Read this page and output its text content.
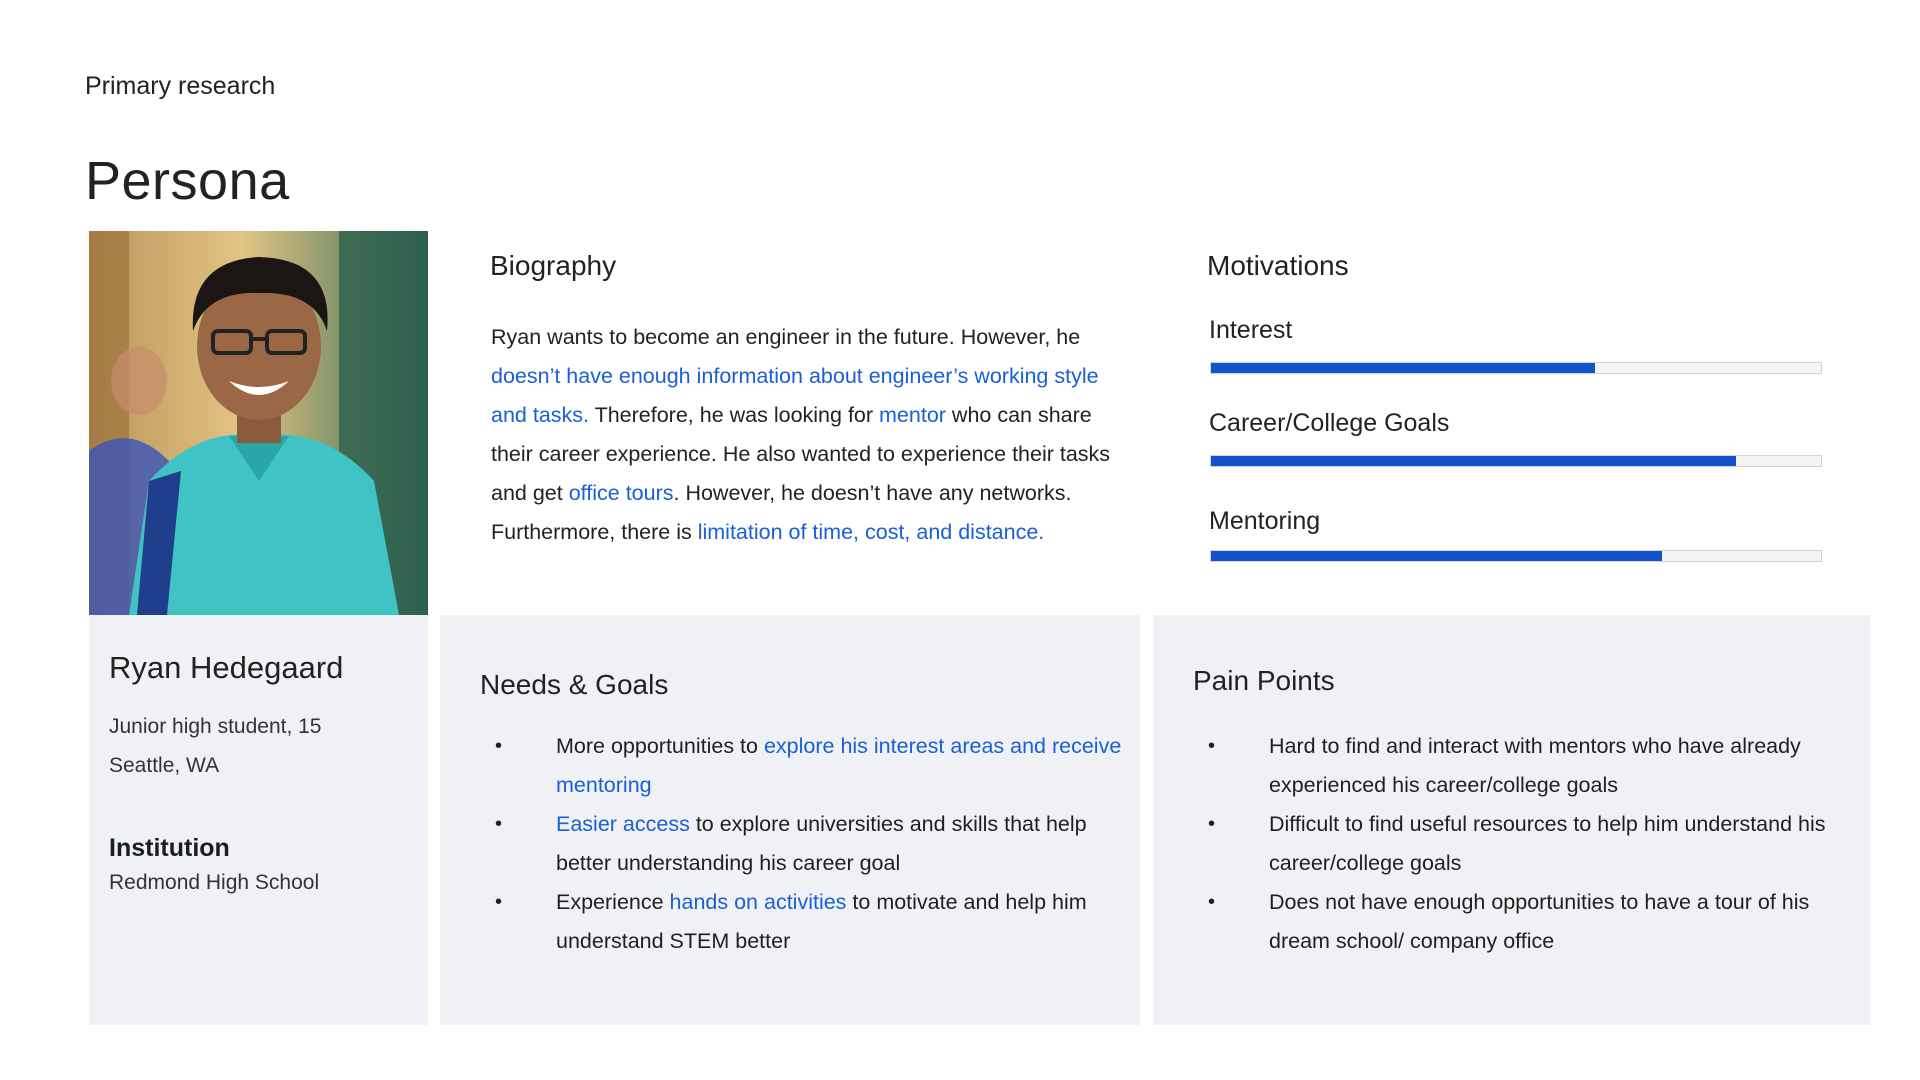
Primary research
Persona
Ryan Hedegaard
Junior high student, 15
Seattle, WA
Institution
Redmond High School
Biography
Ryan wants to become an engineer in the future. However, he doesn’t have enough information about engineer’s working style and tasks. Therefore, he was looking for mentor who can share their career experience. He also wanted to experience their tasks and get office tours. However, he doesn’t have any networks. Furthermore, there is limitation of time, cost, and distance.
Motivations
Interest
Career/College Goals
Mentoring
Needs & Goals
•	More opportunities to explore his interest areas and receive mentoring
•	Easier access to explore universities and skills that help better understanding his career goal
•	Experience hands on activities to motivate and help him understand STEM better
Pain Points
•	Hard to find and interact with mentors who have already experienced his career/college goals
•	Difficult to find useful resources to help him understand his career/college goals
•	Does not have enough opportunities to have a tour of his dream school/ company office
